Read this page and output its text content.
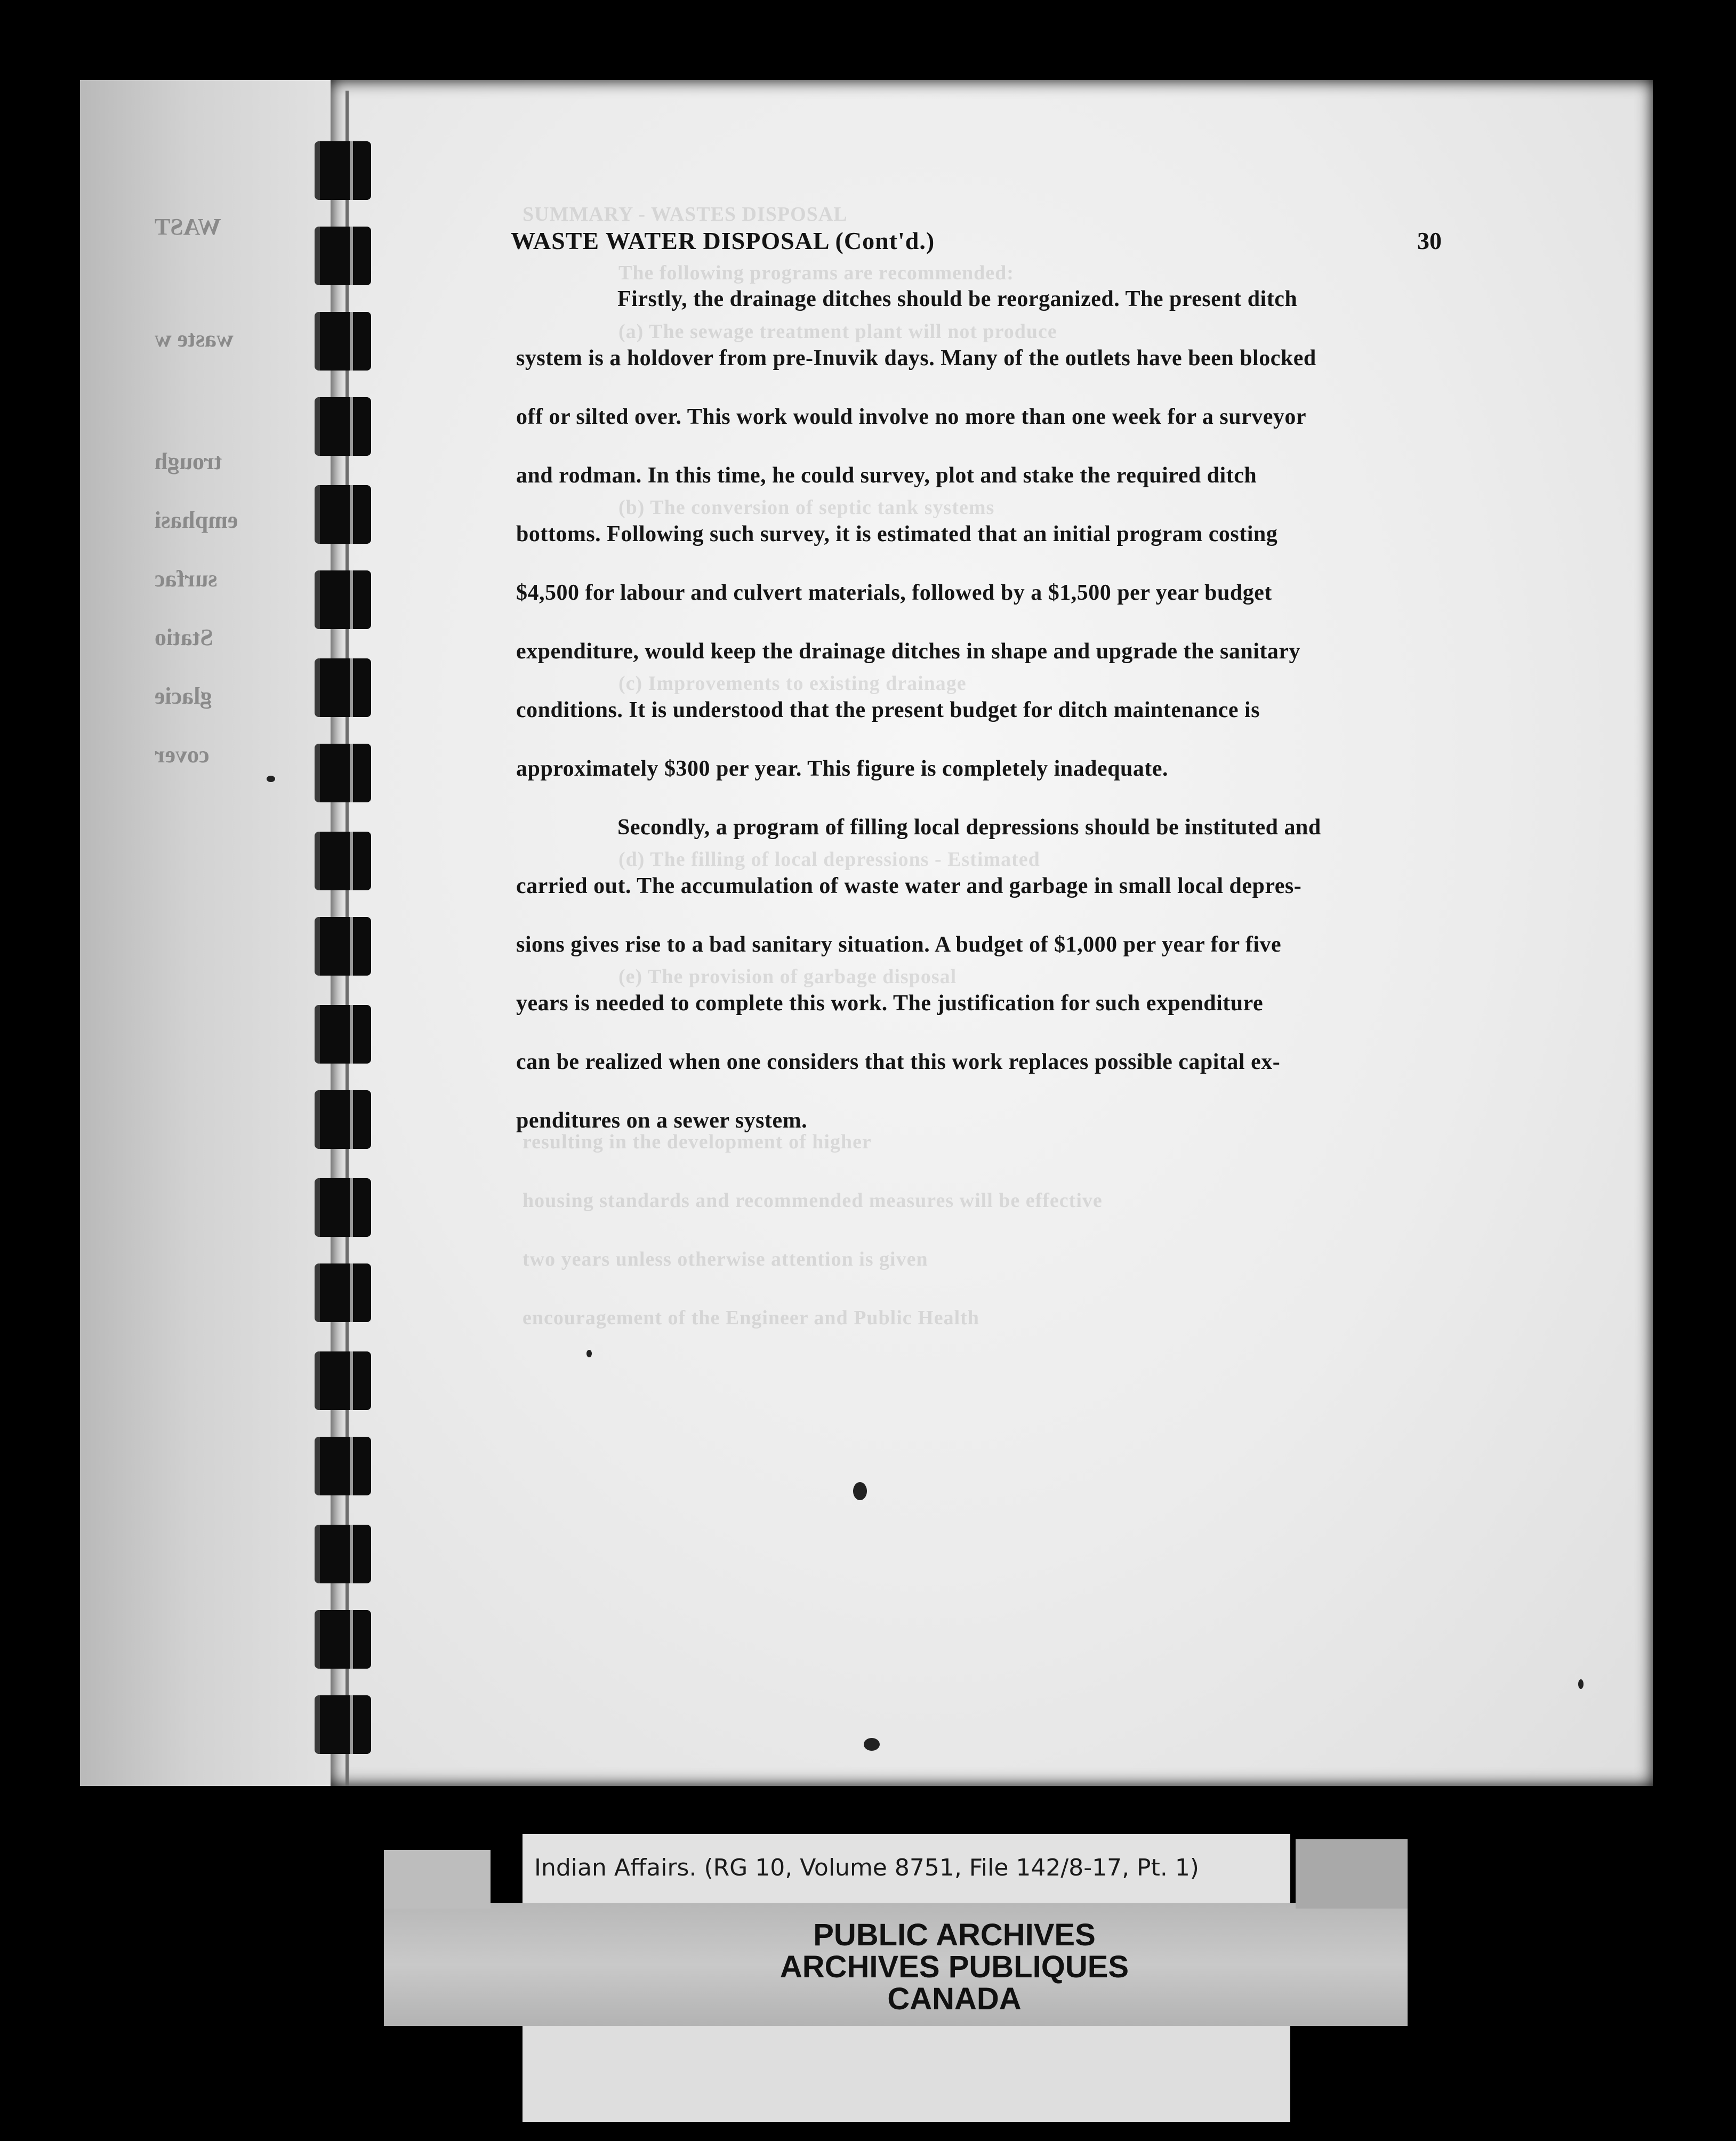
WAST
waste w
trough
emphasi
surfac
Statio
glacie
cover
SUMMARY - WASTES DISPOSAL
The following programs are recommended:
(a) The sewage treatment plant will not produce
(b) The conversion of septic tank systems
(c) Improvements to existing drainage
(d) The filling of local depressions - Estimated
(e) The provision of garbage disposal
resulting in the development of higher
housing standards and recommended measures will be effective
two years unless otherwise attention is given
encouragement of the Engineer and Public Health
WASTE WATER DISPOSAL (Cont'd.)	30
Firstly, the drainage ditches should be reorganized. The present ditch
system is a holdover from pre-Inuvik days. Many of the outlets have been blocked
off or silted over. This work would involve no more than one week for a surveyor
and rodman. In this time, he could survey, plot and stake the required ditch
bottoms. Following such survey, it is estimated that an initial program costing
$4,500 for labour and culvert materials, followed by a $1,500 per year budget
expenditure, would keep the drainage ditches in shape and upgrade the sanitary
conditions. It is understood that the present budget for ditch maintenance is
approximately $300 per year. This figure is completely inadequate.
Secondly, a program of filling local depressions should be instituted and
carried out. The accumulation of waste water and garbage in small local depres-
sions gives rise to a bad sanitary situation. A budget of $1,000 per year for five
years is needed to complete this work. The justification for such expenditure
can be realized when one considers that this work replaces possible capital ex-
penditures on a sewer system.
Indian Affairs. (RG 10, Volume 8751, File 142/8-17, Pt. 1)
PUBLIC ARCHIVES
ARCHIVES PUBLIQUES
CANADA
